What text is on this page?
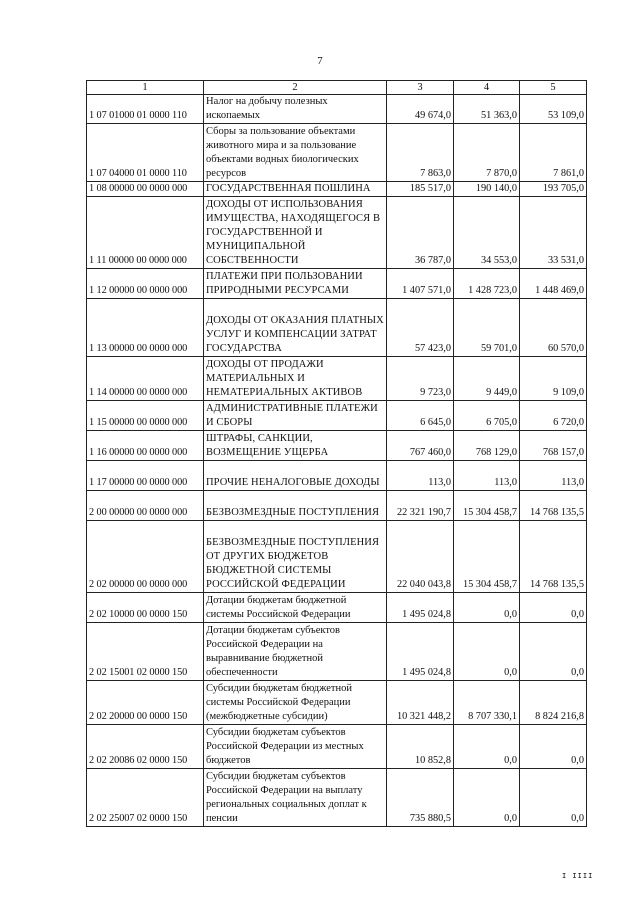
7
1	2	3	4	5
1 07 01000 01 0000 110	Налог на добычу полезных ископаемых	49 674,0	51 363,0	53 109,0
1 07 04000 01 0000 110	Сборы за пользование объектами животного мира и за пользование объектами водных биологических ресурсов	7 863,0	7 870,0	7 861,0
1 08 00000 00 0000 000	ГОСУДАРСТВЕННАЯ ПОШЛИНА	185 517,0	190 140,0	193 705,0
1 11 00000 00 0000 000	ДОХОДЫ ОТ ИСПОЛЬЗОВАНИЯ ИМУЩЕСТВА, НАХОДЯЩЕГОСЯ В ГОСУДАРСТВЕННОЙ И МУНИЦИПАЛЬНОЙ СОБСТВЕННОСТИ	36 787,0	34 553,0	33 531,0
1 12 00000 00 0000 000	ПЛАТЕЖИ ПРИ ПОЛЬЗОВАНИИ ПРИРОДНЫМИ РЕСУРСАМИ	1 407 571,0	1 428 723,0	1 448 469,0
1 13 00000 00 0000 000	ДОХОДЫ ОТ ОКАЗАНИЯ ПЛАТНЫХ УСЛУГ И КОМПЕНСАЦИИ ЗАТРАТ ГОСУДАРСТВА	57 423,0	59 701,0	60 570,0
1 14 00000 00 0000 000	ДОХОДЫ ОТ ПРОДАЖИ МАТЕРИАЛЬНЫХ И НЕМАТЕРИАЛЬНЫХ АКТИВОВ	9 723,0	9 449,0	9 109,0
1 15 00000 00 0000 000	АДМИНИСТРАТИВНЫЕ ПЛАТЕЖИ И СБОРЫ	6 645,0	6 705,0	6 720,0
1 16 00000 00 0000 000	ШТРАФЫ, САНКЦИИ, ВОЗМЕЩЕНИЕ УЩЕРБА	767 460,0	768 129,0	768 157,0
1 17 00000 00 0000 000	ПРОЧИЕ НЕНАЛОГОВЫЕ ДОХОДЫ	113,0	113,0	113,0
2 00 00000 00 0000 000	БЕЗВОЗМЕЗДНЫЕ ПОСТУПЛЕНИЯ	22 321 190,7	15 304 458,7	14 768 135,5
2 02 00000 00 0000 000	БЕЗВОЗМЕЗДНЫЕ ПОСТУПЛЕНИЯ ОТ ДРУГИХ БЮДЖЕТОВ БЮДЖЕТНОЙ СИСТЕМЫ РОССИЙСКОЙ ФЕДЕРАЦИИ	22 040 043,8	15 304 458,7	14 768 135,5
2 02 10000 00 0000 150	Дотации бюджетам бюджетной системы Российской Федерации	1 495 024,8	0,0	0,0
2 02 15001 02 0000 150	Дотации бюджетам субъектов Российской Федерации на выравнивание бюджетной обеспеченности	1 495 024,8	0,0	0,0
2 02 20000 00 0000 150	Субсидии бюджетам бюджетной системы Российской Федерации (межбюджетные субсидии)	10 321 448,2	8 707 330,1	8 824 216,8
2 02 20086 02 0000 150	Субсидии бюджетам субъектов Российской Федерации из местных бюджетов	10 852,8	0,0	0,0
2 02 25007 02 0000 150	Субсидии бюджетам субъектов Российской Федерации на выплату региональных социальных доплат к пенсии	735 880,5	0,0	0,0
I IIII
